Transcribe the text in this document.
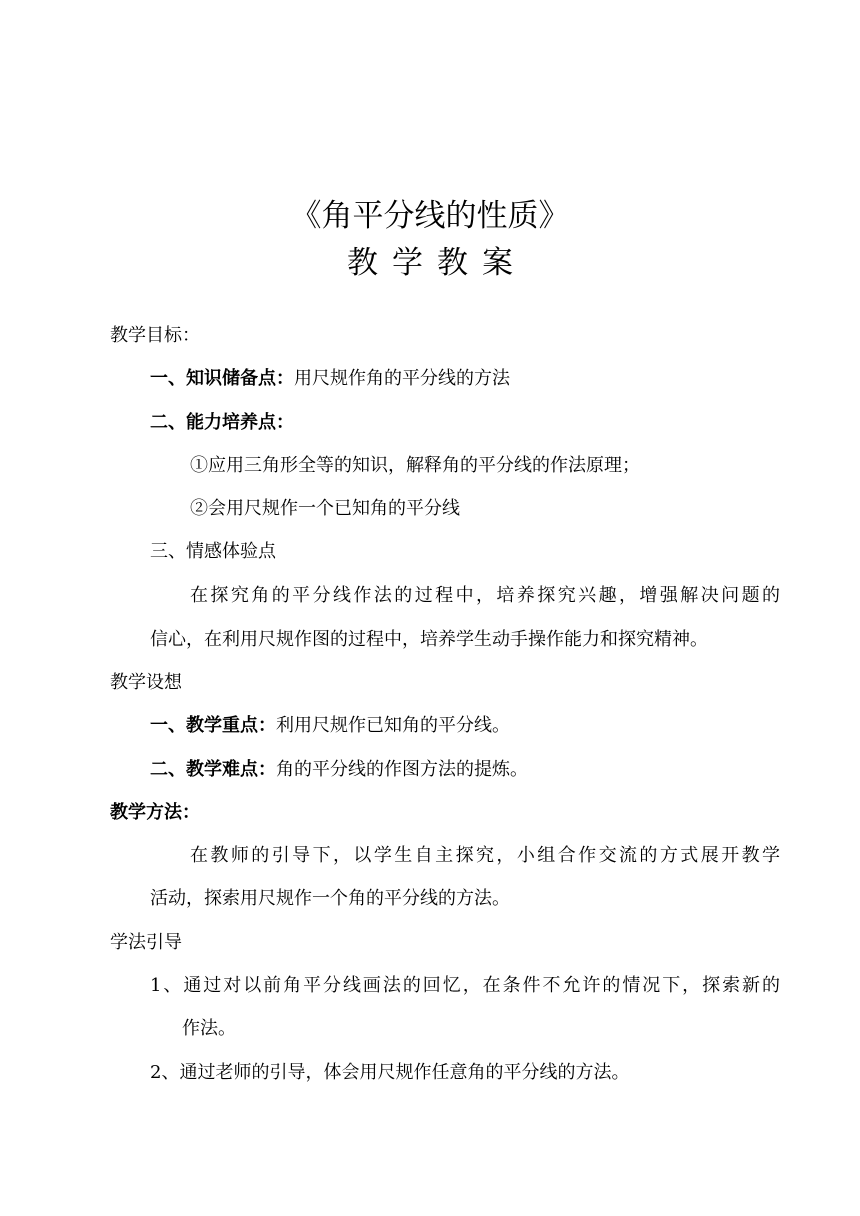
《角平分线的性质》
教学教案
教学目标：
一、知识储备点：用尺规作角的平分线的方法
二、能力培养点：
①应用三角形全等的知识，解释角的平分线的作法原理；
②会用尺规作一个已知角的平分线
三、情感体验点
在探究角的平分线作法的过程中，培养探究兴趣，增强解决问题的
信心，在利用尺规作图的过程中，培养学生动手操作能力和探究精神。
教学设想
一、教学重点：利用尺规作已知角的平分线。
二、教学难点：角的平分线的作图方法的提炼。
教学方法：
在教师的引导下，以学生自主探究，小组合作交流的方式展开教学
活动，探索用尺规作一个角的平分线的方法。
学法引导
1、通过对以前角平分线画法的回忆，在条件不允许的情况下，探索新的
作法。
2、通过老师的引导，体会用尺规作任意角的平分线的方法。
